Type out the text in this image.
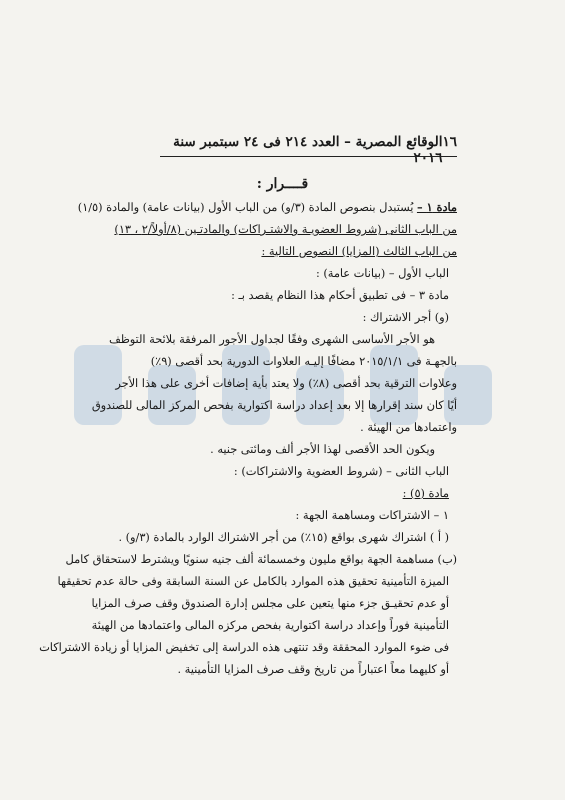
١٦
الوقائع المصرية – العدد ٢١٤ فى ٢٤ سبتمبر سنة ٢٠١٦
قــــرار :

مادة ١ – يُستبدل بنصوص المادة (٣/و) من الباب الأول (بيانات عامة) والمادة (١/٥)

من الباب الثانى (شروط العضويـة والاشتـراكات) والمادتـين (٨/أولاً/٢ ، ١٣)

من الباب الثالث (المزايا) النصوص التالية :

الباب الأول – (بيانات عامة) :

مادة ٣ – فى تطبيق أحكام هذا النظام يقصد بـ :

(و) أجر الاشتراك :

هو الأجر الأساسى الشهرى وفقًا لجداول الأجور المرفقة بلائحة التوظف

بالجهـة فى ٢٠١٥/١/١ مضافًا إليـه العلاوات الدورية بحد أقصى (٩٪)

وعلاوات الترقية بحد أقصى (٨٪) ولا يعتد بأية إضافات أخرى على هذا الأجر

أيًا كان سند إقرارها إلا بعد إعداد دراسة اكتوارية بفحص المركز المالى للصندوق

واعتمادها من الهيئة .

ويكون الحد الأقصى لهذا الأجر ألف ومائتى جنيه .

الباب الثانى – (شروط العضوية والاشتراكات) :

مادة (٥) :

١ – الاشتراكات ومساهمة الجهة :

( أ ) اشتراك شهرى بواقع (١٥٪) من أجر الاشتراك الوارد بالمادة (٣/و) .

(ب) مساهمة الجهة بواقع مليون وخمسمائة ألف جنيه سنويًا ويشترط لاستحقاق كامل

الميزة التأمينية تحقيق هذه الموارد بالكامل عن السنة السابقة وفى حالة عدم تحقيقها

أو عدم تحقيـق جزء منها يتعين على مجلس إدارة الصندوق وقف صرف المزايا

التأمينية فوراً وإعداد دراسة اكتوارية بفحص مركزه المالى واعتمادها من الهيئة

فى ضوء الموارد المحققة وقد تنتهى هذه الدراسة إلى تخفيض المزايا أو زيادة الاشتراكات

أو كليهما معاً اعتباراً من تاريخ وقف صرف المزايا التأمينية .
